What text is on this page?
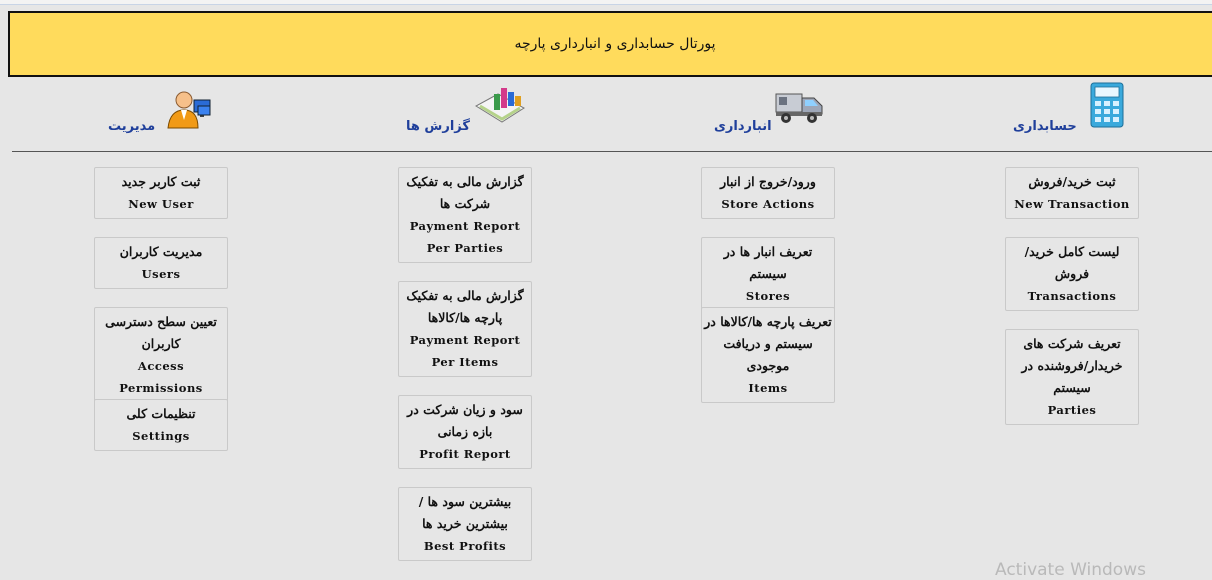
پورتال حسابداری و انبارداری پارچه
مدیریت	گزارش ها	انبارداری	حسابداری
ثبت کاربر جدید
New User
مدیریت کاربران
Users
تعیین سطح دسترسی کاربران
Access Permissions
تنظیمات کلی
Settings
گزارش مالی به تفکیک شرکت ها
Payment Report Per Parties
گزارش مالی به تفکیک پارچه ها/کالاها
Payment Report Per Items
سود و زیان شرکت در بازه زمانی
Profit Report
بیشترین سود ها / بیشترین خرید ها
Best Profits
ورود/خروج از انبار
Store Actions
تعریف انبار ها در سیستم
Stores
تعریف پارچه ها/کالاها در سیستم و دریافت موجودی
Items
ثبت خرید/فروش
New Transaction
لیست کامل خرید/فروش
Transactions
تعریف شرکت های خریدار/فروشنده در سیستم
Parties
Activate Windows
